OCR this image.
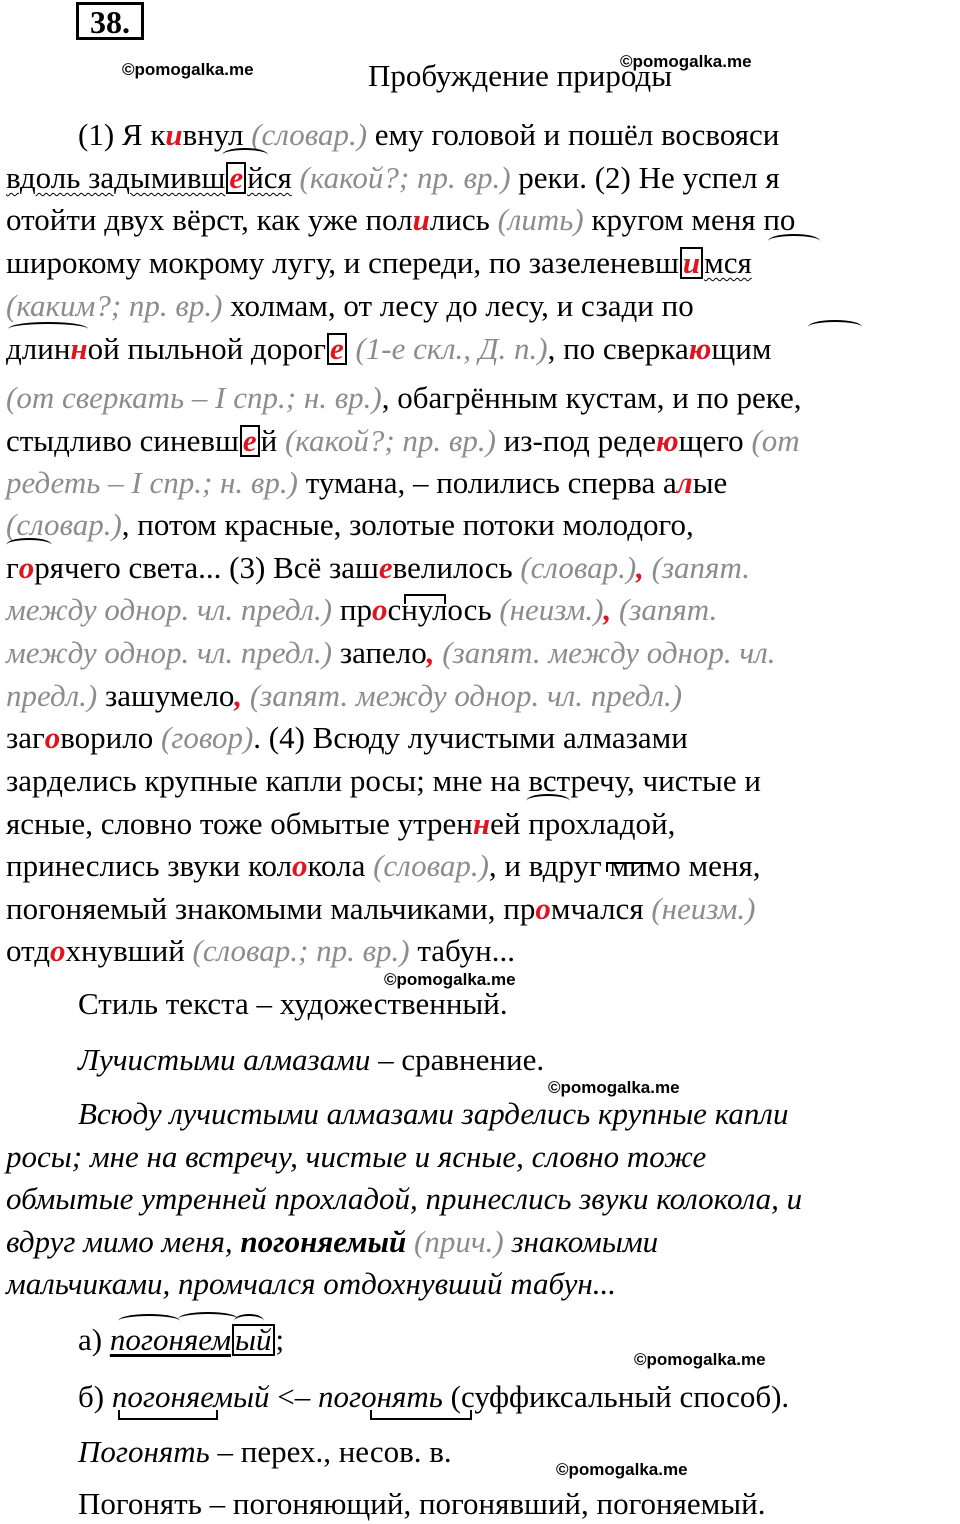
38.
©pomogalka.me	©pomogalka.me
Пробуждение природы
(1) Я кивнул (словар.) ему головой и пошёл восвояси
вдоль задымивш е йся (какой?; пр. вр.) реки. (2) Не успел я
отойти двух вёрст, как уже полились (лить) кругом меня по
широкому мокрому лугу, и спереди, по зазеленевш и мся
(каким?; пр. вр.) холмам, от лесу до лесу, и сзади по
длинной пыльной дорог е (1-е скл., Д. п.), по сверкающим
(от сверкать – I спр.; н. вр.), обагрённым кустам, и по реке,
стыдливо синевш е й (какой?; пр. вр.) из-под редеющего (от
редеть – I спр.; н. вр.) тумана, – полились сперва алые
(словар.), потом красные, золотые потоки молодого,
горячего света... (3) Всё зашевелилось (словар.), (запят.
между однор. чл. предл.) проснулось (неизм.), (запят.
между однор. чл. предл.) запело, (запят. между однор. чл.
предл.) зашумело, (запят. между однор. чл. предл.)
заговорило (говор). (4) Всюду лучистыми алмазами
зарделись крупные капли росы; мне на встречу, чистые и
ясные, словно тоже обмытые утренней прохладой,
принеслись звуки колокола (словар.), и вдруг мимо меня,
погоняемый знакомыми мальчиками, промчался (неизм.)
отдохнувший (словар.; пр. вр.) табун...
©pomogalka.me
Стиль текста – художественный.
Лучистыми алмазами – сравнение.
©pomogalka.me
Всюду лучистыми алмазами зарделись крупные капли
росы; мне на встречу, чистые и ясные, словно тоже
обмытые утренней прохладой, принеслись звуки колокола, и
вдруг мимо меня, погоняемый (прич.) знакомыми
мальчиками, промчался отдохнувший табун...
а) погоняем ый ;
©pomogalka.me
б) погоняемый <– погонять (суффиксальный способ).
Погонять – перех., несов. в.
©pomogalka.me
Погонять – погоняющий, погонявший, погоняемый.
